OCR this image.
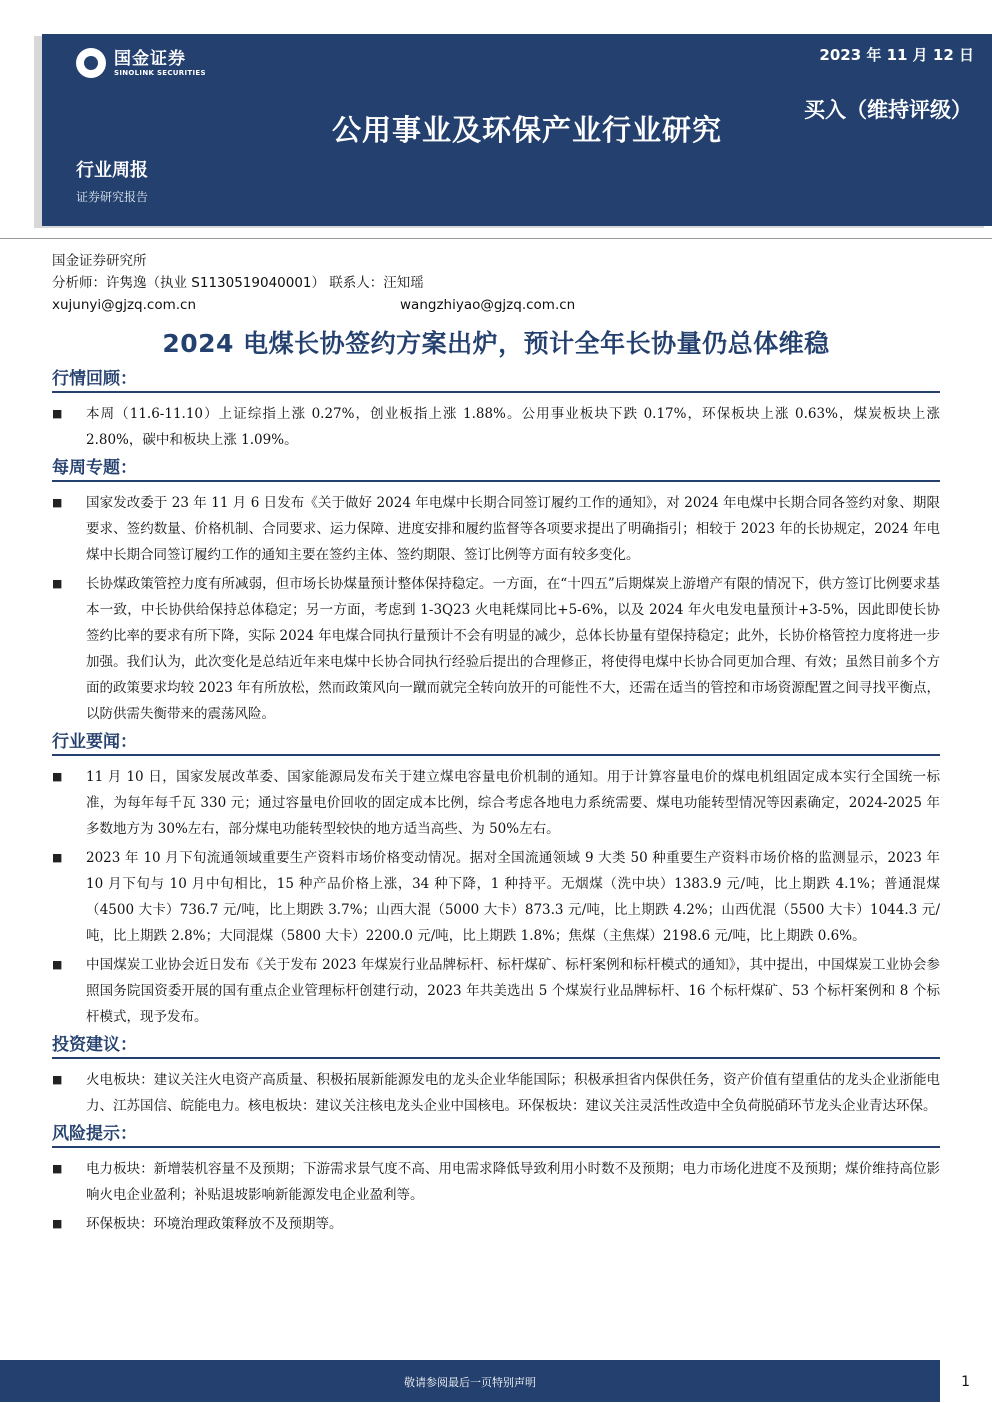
国金证券
SINOLINK SECURITIES
2023 年 11 月 12 日
买入（维持评级）
公用事业及环保产业行业研究
行业周报
证券研究报告
国金证券研究所
分析师：许隽逸（执业 S1130519040001） 联系人：汪知瑶
xujunyi@gjzq.com.cn	wangzhiyao@gjzq.com.cn
2024 电煤长协签约方案出炉，预计全年长协量仍总体维稳
行情回顾：
■	本周（11.6-11.10）上证综指上涨 0.27%，创业板指上涨 1.88%。公用事业板块下跌 0.17%，环保板块上涨 0.63%，煤炭板块上涨 2.80%，碳中和板块上涨 1.09%。
每周专题：
■	国家发改委于 23 年 11 月 6 日发布《关于做好 2024 年电煤中长期合同签订履约工作的通知》，对 2024 年电煤中长期合同各签约对象、期限要求、签约数量、价格机制、合同要求、运力保障、进度安排和履约监督等各项要求提出了明确指引；相较于 2023 年的长协规定，2024 年电煤中长期合同签订履约工作的通知主要在签约主体、签约期限、签订比例等方面有较多变化。
■	长协煤政策管控力度有所减弱，但市场长协煤量预计整体保持稳定。一方面，在“十四五”后期煤炭上游增产有限的情况下，供方签订比例要求基本一致，中长协供给保持总体稳定；另一方面，考虑到 1-3Q23 火电耗煤同比+5-6%，以及 2024 年火电发电量预计+3-5%，因此即使长协签约比率的要求有所下降，实际 2024 年电煤合同执行量预计不会有明显的减少，总体长协量有望保持稳定；此外，长协价格管控力度将进一步加强。我们认为，此次变化是总结近年来电煤中长协合同执行经验后提出的合理修正，将使得电煤中长协合同更加合理、有效；虽然目前多个方面的政策要求均较 2023 年有所放松，然而政策风向一蹴而就完全转向放开的可能性不大，还需在适当的管控和市场资源配置之间寻找平衡点，以防供需失衡带来的震荡风险。
行业要闻：
■	11 月 10 日，国家发展改革委、国家能源局发布关于建立煤电容量电价机制的通知。用于计算容量电价的煤电机组固定成本实行全国统一标准，为每年每千瓦 330 元；通过容量电价回收的固定成本比例，综合考虑各地电力系统需要、煤电功能转型情况等因素确定，2024-2025 年多数地方为 30%左右，部分煤电功能转型较快的地方适当高些、为 50%左右。
■	2023 年 10 月下旬流通领域重要生产资料市场价格变动情况。据对全国流通领域 9 大类 50 种重要生产资料市场价格的监测显示，2023 年 10 月下旬与 10 月中旬相比，15 种产品价格上涨，34 种下降，1 种持平。无烟煤（洗中块）1383.9 元/吨，比上期跌 4.1%；普通混煤（4500 大卡）736.7 元/吨，比上期跌 3.7%；山西大混（5000 大卡）873.3 元/吨，比上期跌 4.2%；山西优混（5500 大卡）1044.3 元/吨，比上期跌 2.8%；大同混煤（5800 大卡）2200.0 元/吨，比上期跌 1.8%；焦煤（主焦煤）2198.6 元/吨，比上期跌 0.6%。
■	中国煤炭工业协会近日发布《关于发布 2023 年煤炭行业品牌标杆、标杆煤矿、标杆案例和标杆模式的通知》，其中提出，中国煤炭工业协会参照国务院国资委开展的国有重点企业管理标杆创建行动，2023 年共美选出 5 个煤炭行业品牌标杆、16 个标杆煤矿、53 个标杆案例和 8 个标杆模式，现予发布。
投资建议：
■	火电板块：建议关注火电资产高质量、积极拓展新能源发电的龙头企业华能国际；积极承担省内保供任务，资产价值有望重估的龙头企业浙能电力、江苏国信、皖能电力。核电板块：建议关注核电龙头企业中国核电。环保板块：建议关注灵活性改造中全负荷脱硝环节龙头企业青达环保。
风险提示：
■	电力板块：新增装机容量不及预期；下游需求景气度不高、用电需求降低导致利用小时数不及预期；电力市场化进度不及预期；煤价维持高位影响火电企业盈利；补贴退坡影响新能源发电企业盈利等。
■	环保板块：环境治理政策释放不及预期等。
敬请参阅最后一页特别声明	1
